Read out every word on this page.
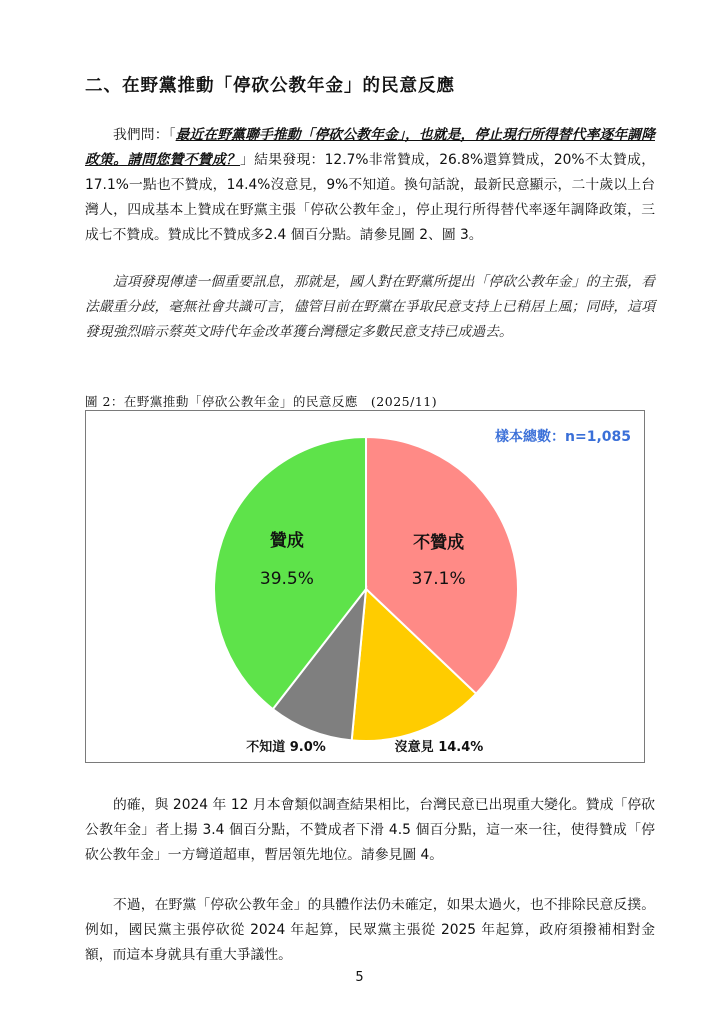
二、在野黨推動「停砍公教年金」的民意反應
我們問：「最近在野黨聯手推動「停砍公教年金」，也就是，停止現行所得替代率逐年調降政策。請問您贊不贊成？」結果發現：12.7%非常贊成，26.8%還算贊成，20%不太贊成，17.1%一點也不贊成，14.4%沒意見，9%不知道。換句話說，最新民意顯示，二十歲以上台灣人，四成基本上贊成在野黨主張「停砍公教年金」，停止現行所得替代率逐年調降政策，三成七不贊成。贊成比不贊成多2.4 個百分點。請參見圖 2、圖 3。
這項發現傳達一個重要訊息，那就是，國人對在野黨所提出「停砍公教年金」的主張，看法嚴重分歧，毫無社會共識可言，儘管目前在野黨在爭取民意支持上已稍居上風；同時，這項發現強烈暗示蔡英文時代年金改革獲台灣穩定多數民意支持已成過去。
圖 2：在野黨推動「停砍公教年金」的民意反應　(2025/11)
不贊成
37.1%
沒意見 14.4%
不知道 9.0%
贊成
39.5%
樣本總數：n=1,085
的確，與 2024 年 12 月本會類似調查結果相比，台灣民意已出現重大變化。贊成「停砍公教年金」者上揚 3.4 個百分點，不贊成者下滑 4.5 個百分點，這一來一往，使得贊成「停砍公教年金」一方彎道超車，暫居領先地位。請參見圖 4。
不過，在野黨「停砍公教年金」的具體作法仍未確定，如果太過火，也不排除民意反撲。例如，國民黨主張停砍從 2024 年起算，民眾黨主張從 2025 年起算，政府須撥補相對金額，而這本身就具有重大爭議性。
5
